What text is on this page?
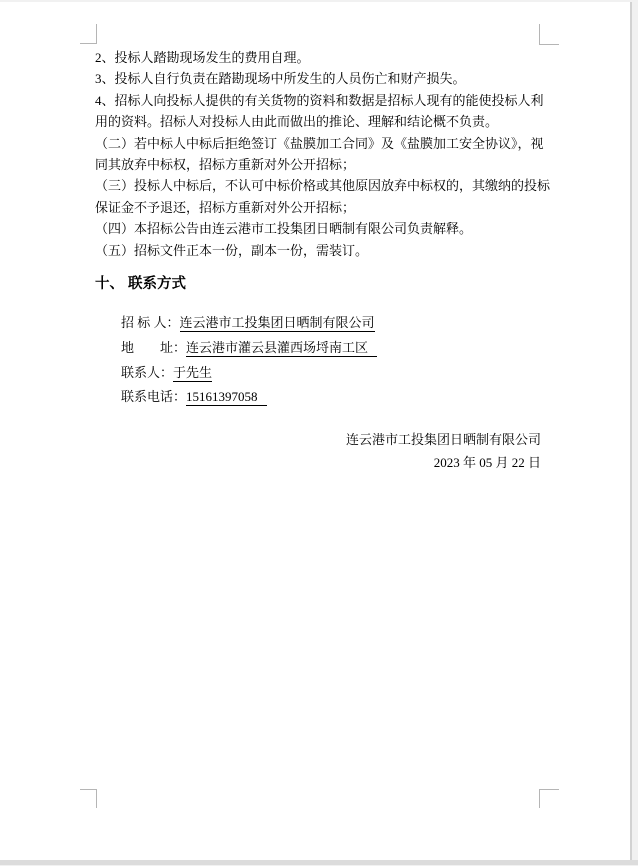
2、投标人踏勘现场发生的费用自理。
3、投标人自行负责在踏勘现场中所发生的人员伤亡和财产损失。
4、招标人向投标人提供的有关货物的资料和数据是招标人现有的能使投标人利
用的资料。招标人对投标人由此而做出的推论、理解和结论概不负责。
（二）若中标人中标后拒绝签订《盐膜加工合同》及《盐膜加工安全协议》，视
同其放弃中标权，招标方重新对外公开招标；
（三）投标人中标后，不认可中标价格或其他原因放弃中标权的，其缴纳的投标
保证金不予退还，招标方重新对外公开招标；
（四）本招标公告由连云港市工投集团日晒制有限公司负责解释。
（五）招标文件正本一份，副本一份，需装订。
十、 联系方式
招 标 人：连云港市工投集团日晒制有限公司
地　　址：连云港市灌云县灌西场埒南工区
联系人：于先生
联系电话：15161397058
连云港市工投集团日晒制有限公司
2023 年 05 月 22 日
